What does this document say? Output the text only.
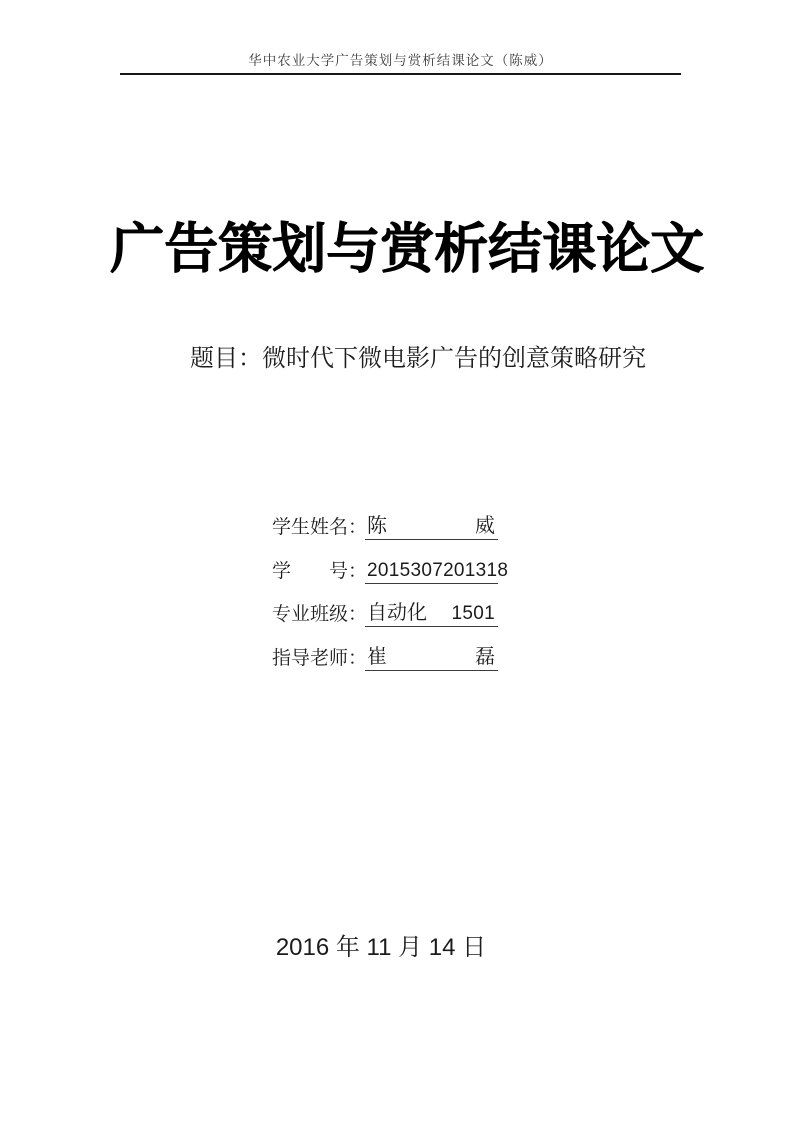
华中农业大学广告策划与赏析结课论文（陈威）
广告策划与赏析结课论文
题目：微时代下微电影广告的创意策略研究
学生姓名： 陈	威
学　　号： 2015307201318
专业班级： 自动化 1501
指导老师： 崔	磊
2016 年 11 月 14 日
